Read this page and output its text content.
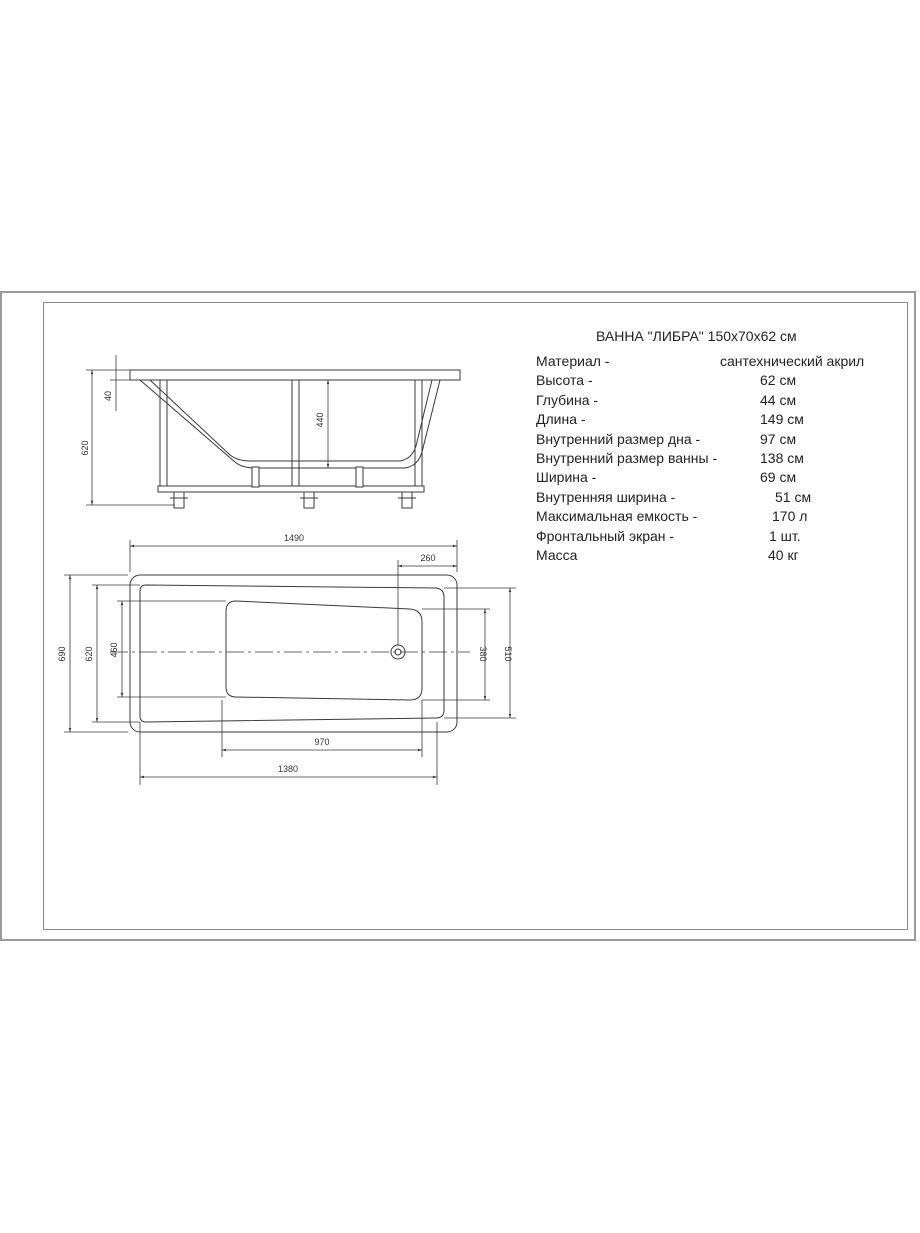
ВАННА "ЛИБРА" 150x70x62 см
Материал -	сантехнический акрил
Высота -	62 см
Глубина -	44 см
Длина -	149 см
Внутренний размер дна -	97 см
Внутренний размер ванны -	138 см
Ширина -	69 см
Внутренняя ширина -	51 см
Максимальная емкость -	170 л
Фронтальный экран -	1 шт.
Масса	40 кг
620
40
440
1490
260
690 620 460	380 510
970
1380
